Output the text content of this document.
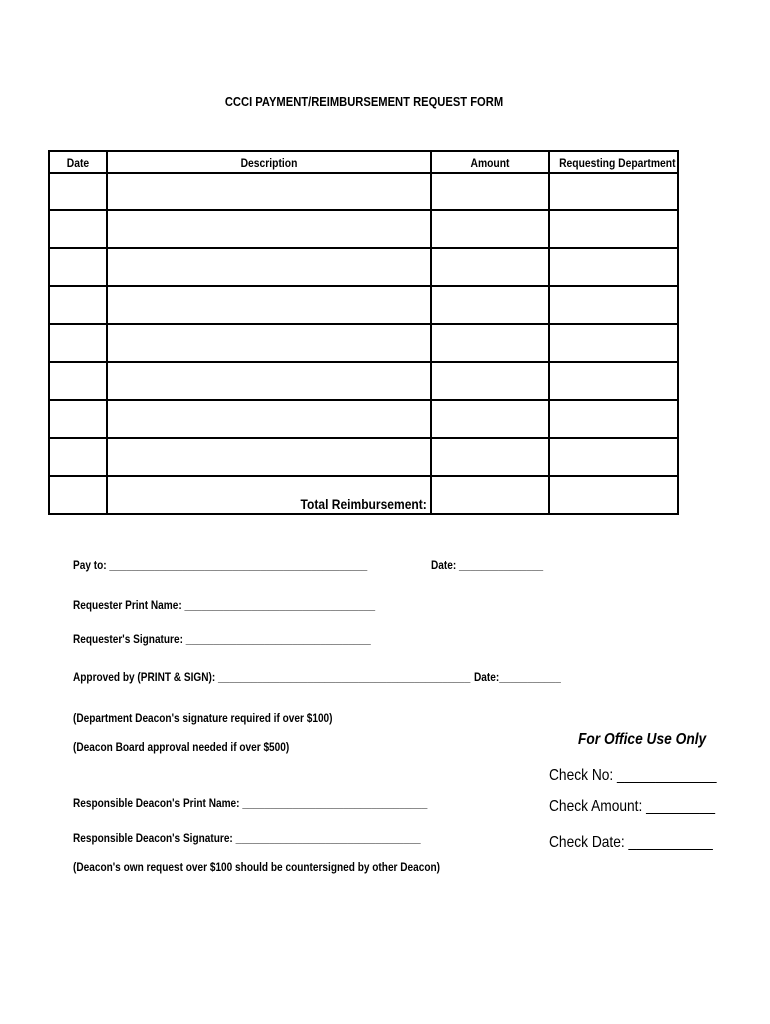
CCCI PAYMENT/REIMBURSEMENT REQUEST FORM
Date	Description	Amount	Requesting Department
Total Reimbursement:
Pay to: ______________________________________________	Date: _______________
Requester Print Name: __________________________________
Requester's Signature: _________________________________
Approved by (PRINT & SIGN): _____________________________________________ Date:___________
(Department Deacon's signature required if over $100)
(Deacon Board approval needed if over $500)
Responsible Deacon's Print Name: _________________________________
Responsible Deacon's Signature: _________________________________
(Deacon's own request over $100 should be countersigned by other Deacon)
For Office Use Only
Check No: _____________
Check Amount: _________
Check Date: ___________
